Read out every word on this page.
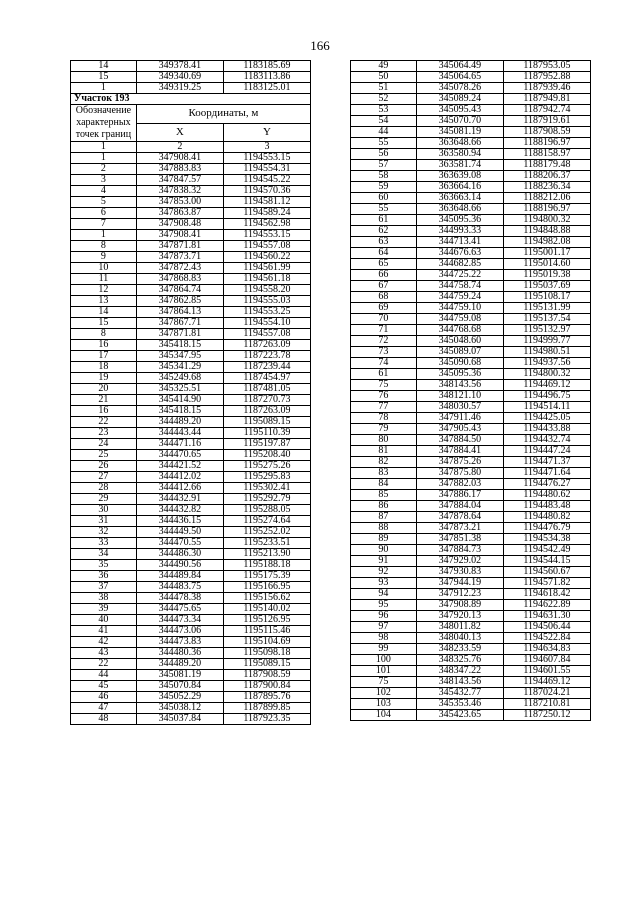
166
14	349378.41	1183185.69
15	349340.69	1183113.86
1	349319.25	1183125.01
Участок 193		
Обозначение характерных точек границ	Координаты, м	
	X	Y
1	2	3
1	347908.41	1194553.15
2	347883.83	1194554.31
3	347847.57	1194545.22
4	347838.32	1194570.36
5	347853.00	1194581.12
6	347863.87	1194589.24
7	347908.48	1194562.98
1	347908.41	1194553.15
8	347871.81	1194557.08
9	347873.71	1194560.22
10	347872.43	1194561.99
11	347868.83	1194561.18
12	347864.74	1194558.20
13	347862.85	1194555.03
14	347864.13	1194553.25
15	347867.71	1194554.10
8	347871.81	1194557.08
16	345418.15	1187263.09
17	345347.95	1187223.78
18	345341.29	1187239.44
19	345249.68	1187454.97
20	345325.51	1187481.05
21	345414.90	1187270.73
16	345418.15	1187263.09
22	344489.20	1195089.15
23	344443.44	1195110.39
24	344471.16	1195197.87
25	344470.65	1195208.40
26	344421.52	1195275.26
27	344412.02	1195295.83
28	344412.66	1195302.41
29	344432.91	1195292.79
30	344432.82	1195288.05
31	344436.15	1195274.64
32	344449.50	1195252.02
33	344470.55	1195233.51
34	344486.30	1195213.90
35	344490.56	1195188.18
36	344489.84	1195175.39
37	344483.75	1195166.95
38	344478.38	1195156.62
39	344475.65	1195140.02
40	344473.34	1195126.95
41	344473.06	1195115.46
42	344473.83	1195104.69
43	344480.36	1195098.18
22	344489.20	1195089.15
44	345081.19	1187908.59
45	345070.84	1187900.84
46	345052.29	1187895.76
47	345038.12	1187899.85
48	345037.84	1187923.35
49	345064.49	1187953.05
50	345064.65	1187952.88
51	345078.26	1187939.46
52	345089.24	1187949.81
53	345095.43	1187942.74
54	345070.70	1187919.61
44	345081.19	1187908.59
55	363648.66	1188196.97
56	363580.94	1188158.97
57	363581.74	1188179.48
58	363639.08	1188206.37
59	363664.16	1188236.34
60	363663.14	1188212.06
55	363648.66	1188196.97
61	345095.36	1194800.32
62	344993.33	1194848.88
63	344713.41	1194982.08
64	344676.63	1195001.17
65	344682.85	1195014.60
66	344725.22	1195019.38
67	344758.74	1195037.69
68	344759.24	1195108.17
69	344759.10	1195131.99
70	344759.08	1195137.54
71	344768.68	1195132.97
72	345048.60	1194999.77
73	345089.07	1194980.51
74	345090.68	1194937.56
61	345095.36	1194800.32
75	348143.56	1194469.12
76	348121.10	1194496.75
77	348030.57	1194514.11
78	347911.46	1194425.05
79	347905.43	1194433.88
80	347884.50	1194432.74
81	347884.41	1194447.24
82	347875.26	1194471.37
83	347875.80	1194471.64
84	347882.03	1194476.27
85	347886.17	1194480.62
86	347884.04	1194483.48
87	347878.64	1194480.82
88	347873.21	1194476.79
89	347851.38	1194534.38
90	347884.73	1194542.49
91	347929.02	1194544.15
92	347930.83	1194560.67
93	347944.19	1194571.82
94	347912.23	1194618.42
95	347908.89	1194622.89
96	347920.13	1194631.30
97	348011.82	1194506.44
98	348040.13	1194522.84
99	348233.59	1194634.83
100	348325.76	1194607.84
101	348347.22	1194601.55
75	348143.56	1194469.12
102	345432.77	1187024.21
103	345353.46	1187210.81
104	345423.65	1187250.12
